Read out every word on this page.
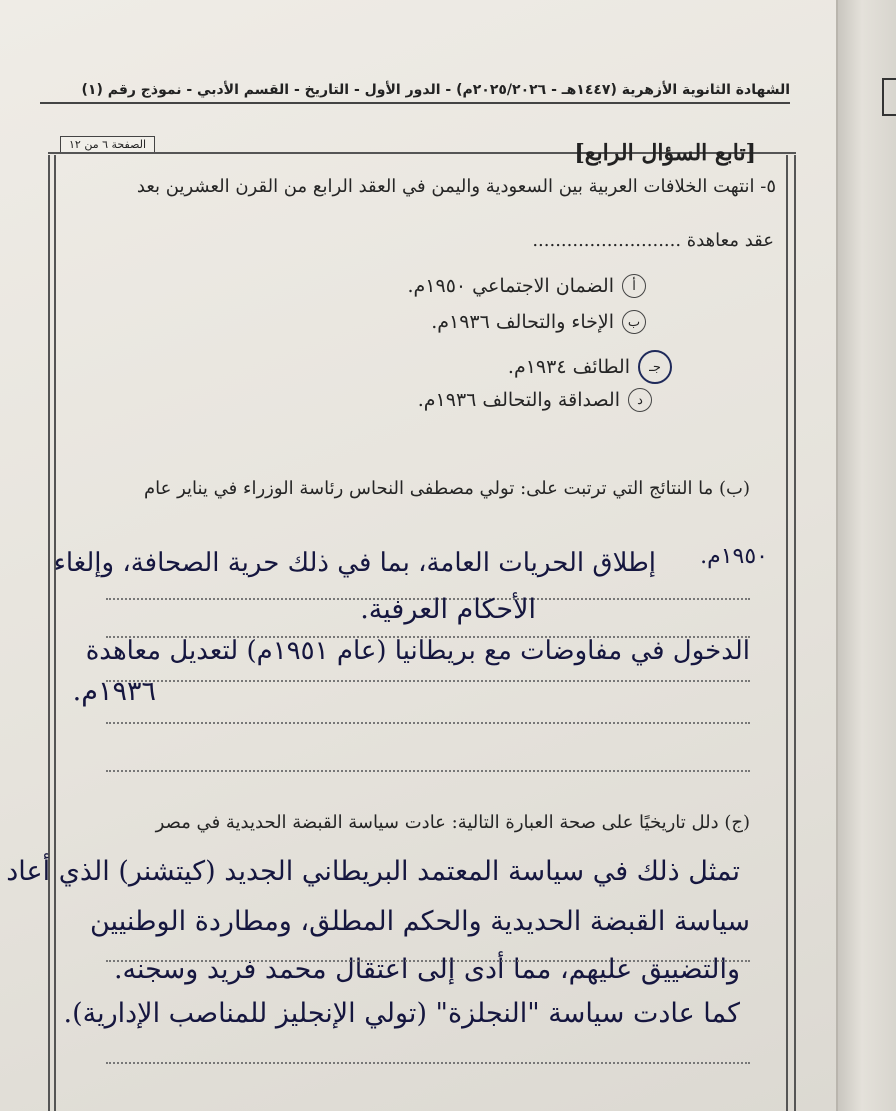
الشهادة الثانوية الأزهرية (١٤٤٧هـ - ٢٠٢٥/٢٠٢٦م) - الدور الأول - التاريخ - القسم الأدبي - نموذج رقم (١)
الصفحة ٦ من ١٢	[تابع السؤال الرابع]
٥- انتهت الخلافات العربية بين السعودية واليمن في العقد الرابع من القرن العشرين بعد
عقد معاهدة ..........................
أ
الضمان الاجتماعي ١٩٥٠م.
ب
الإخاء والتحالف ١٩٣٦م.
جـ
الطائف ١٩٣٤م.
د
الصداقة والتحالف ١٩٣٦م.
(ب) ما النتائج التي ترتبت على: تولي مصطفى النحاس رئاسة الوزراء في يناير عام
١٩٥٠م.
إطلاق الحريات العامة، بما في ذلك حرية الصحافة، وإلغاء
الأحكام العرفية.
الدخول في مفاوضات مع بريطانيا (عام ١٩٥١م) لتعديل معاهدة
١٩٣٦م.
(ج) دلل تاريخيًا على صحة العبارة التالية: عادت سياسة القبضة الحديدية في مصر
تمثل ذلك في سياسة المعتمد البريطاني الجديد (كيتشنر) الذي أعاد
سياسة القبضة الحديدية والحكم المطلق، ومطاردة الوطنيين
والتضييق عليهم، مما أدى إلى اعتقال محمد فريد وسجنه.
كما عادت سياسة "النجلزة" (تولي الإنجليز للمناصب الإدارية).
